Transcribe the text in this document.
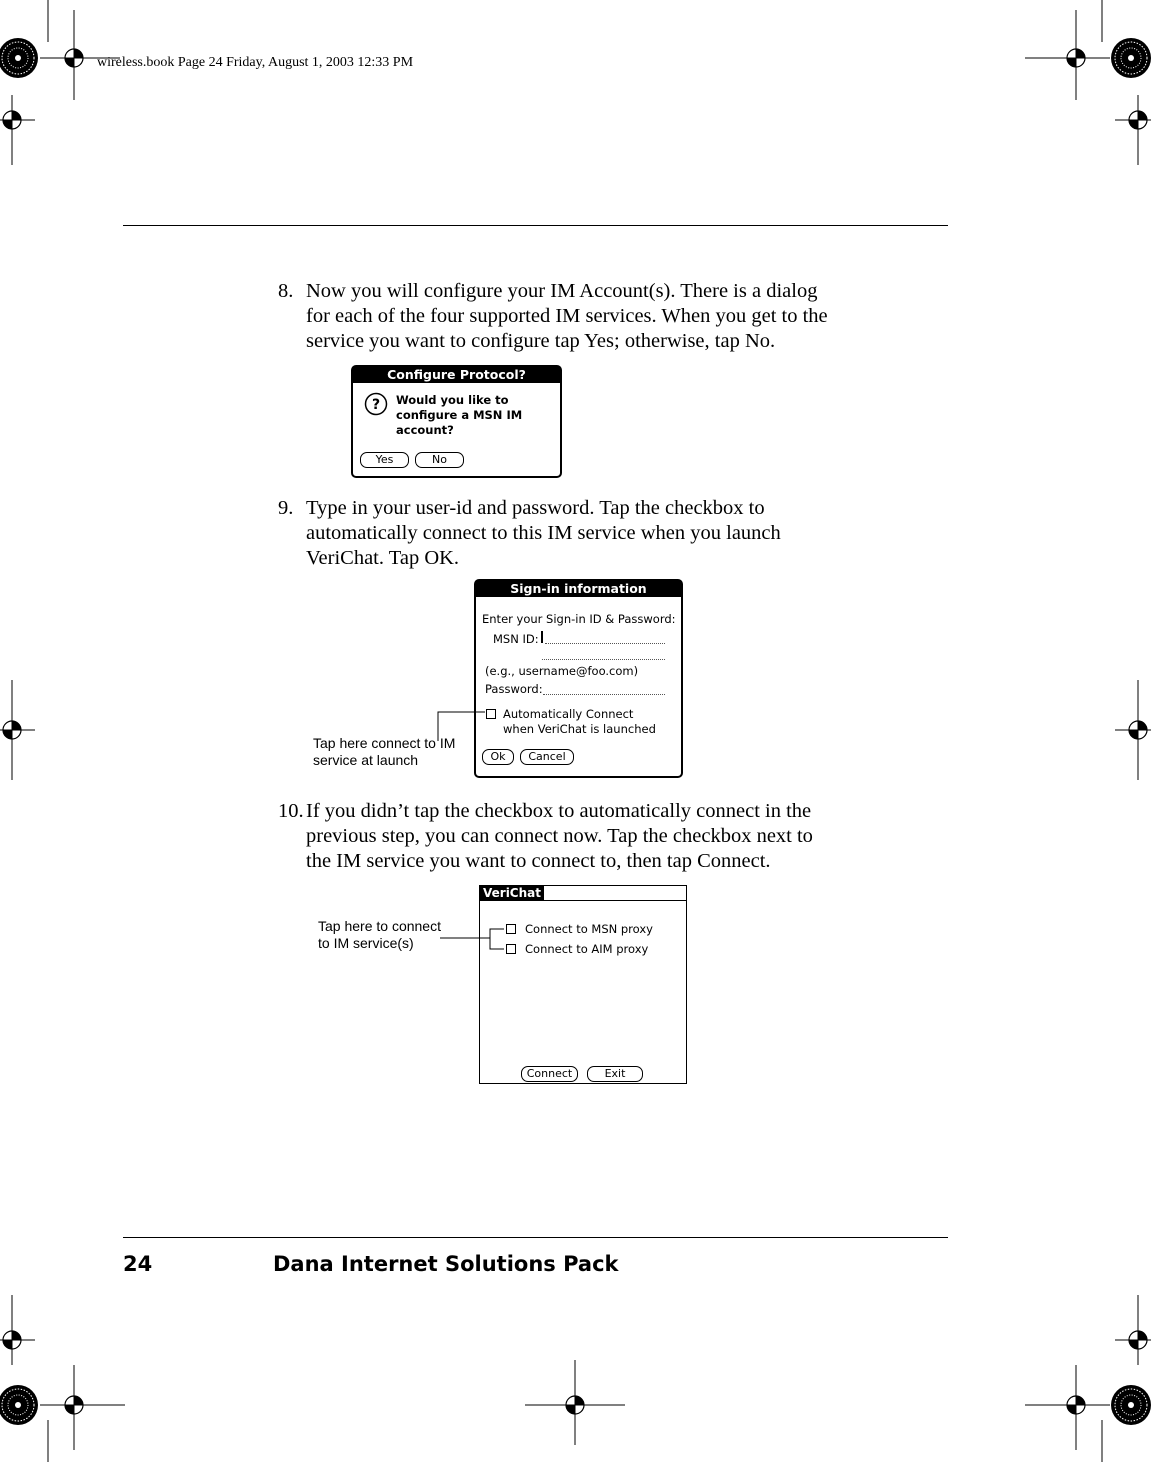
wireless.book Page 24 Friday, August 1, 2003 12:33 PM
8. Now you will configure your IM Account(s). There is a dialog
for each of the four supported IM services. When you get to the
service you want to configure tap Yes; otherwise, tap No.
Configure Protocol?
? Would you like to
configure a MSN IM
account?
Yes	No
9. Type in your user-id and password. Tap the checkbox to
automatically connect to this IM service when you launch
VeriChat. Tap OK.
Sign-in information
Enter your Sign-in ID & Password:
MSN ID:
(e.g., username@foo.com)
Password:
Automatically Connect
when VeriChat is launched
Ok	Cancel
Tap here connect to IM
service at launch
10. If you didn’t tap the checkbox to automatically connect in the
previous step, you can connect now. Tap the checkbox next to
the IM service you want to connect to, then tap Connect.
VeriChat
Connect to MSN proxy
Connect to AIM proxy
Connect	Exit
Tap here to connect
to IM service(s)
24	Dana Internet Solutions Pack
